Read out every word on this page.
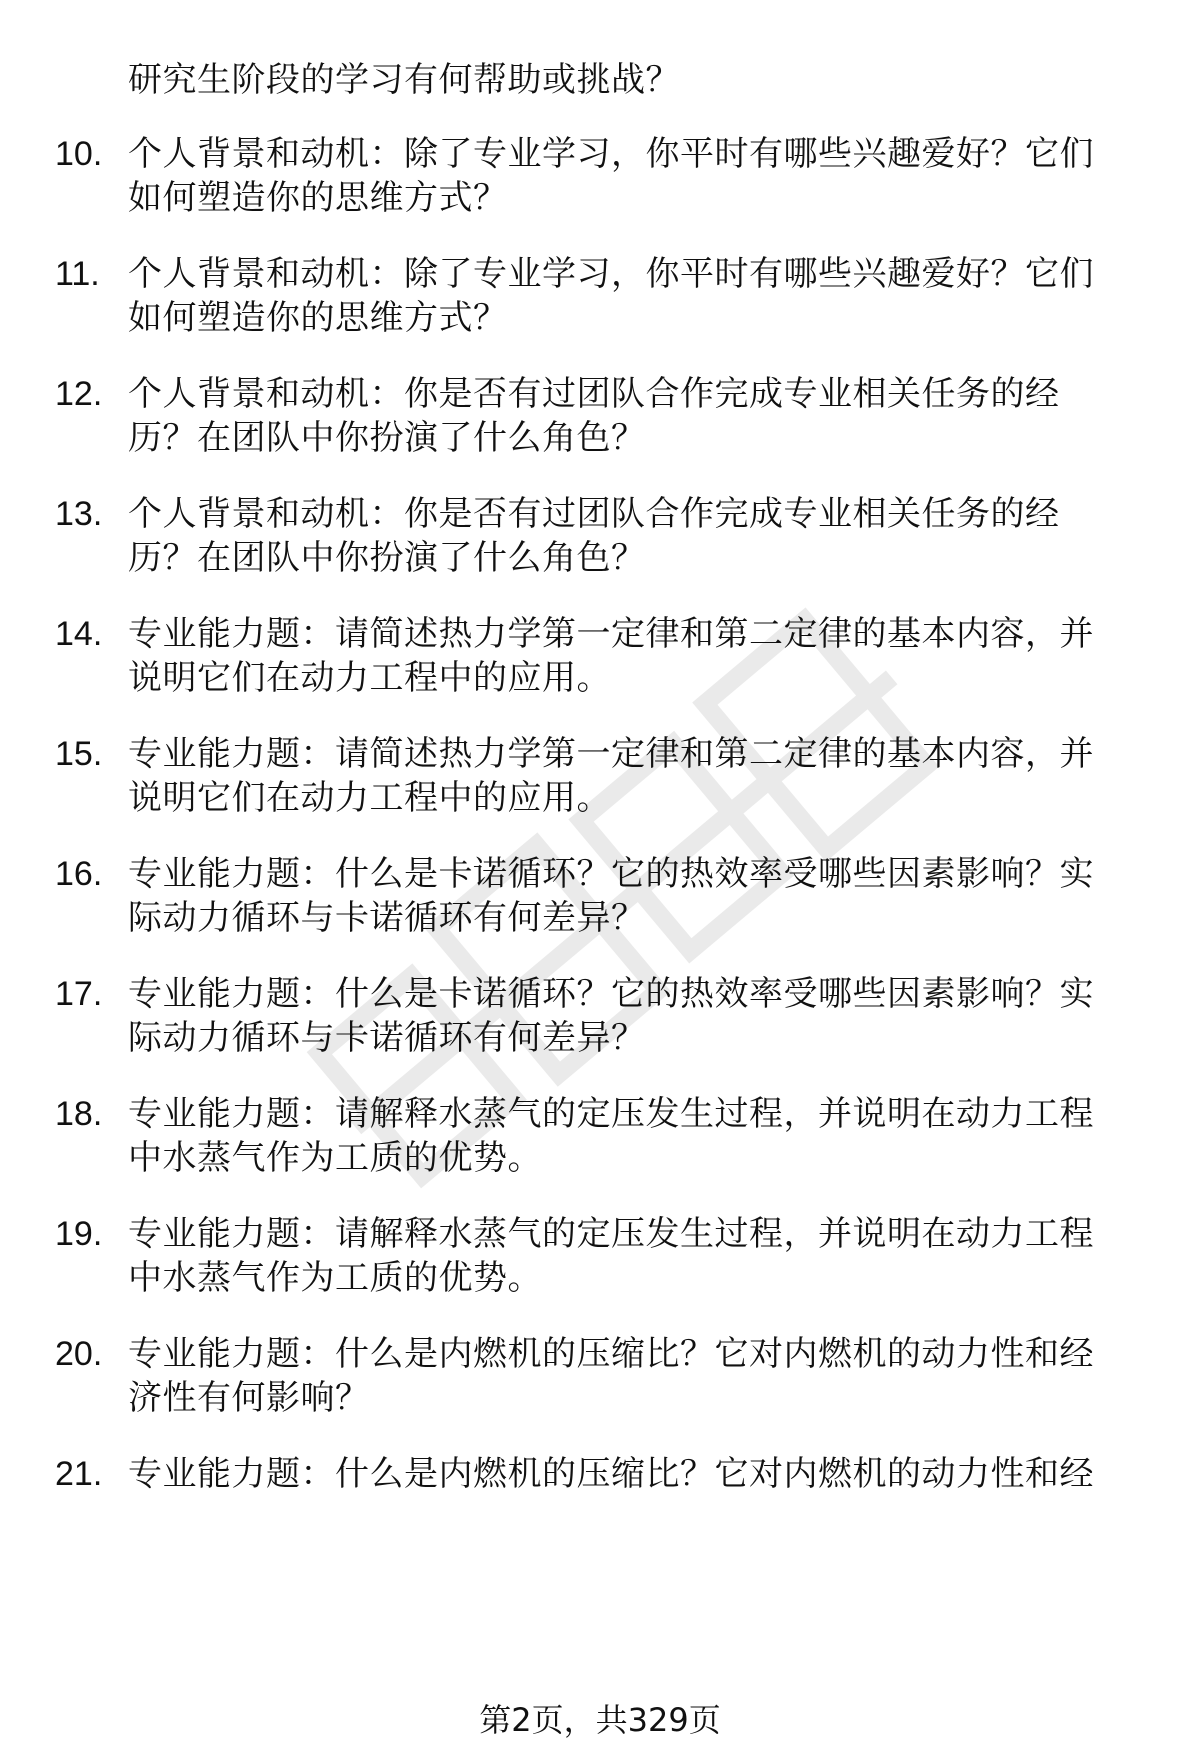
研究生阶段的学习有何帮助或挑战？
10. 个人背景和动机：除了专业学习，你平时有哪些兴趣爱好？它们
如何塑造你的思维方式？
11. 个人背景和动机：除了专业学习，你平时有哪些兴趣爱好？它们
如何塑造你的思维方式？
12. 个人背景和动机：你是否有过团队合作完成专业相关任务的经
历？在团队中你扮演了什么角色？
13. 个人背景和动机：你是否有过团队合作完成专业相关任务的经
历？在团队中你扮演了什么角色？
14. 专业能力题：请简述热力学第一定律和第二定律的基本内容，并
说明它们在动力工程中的应用。
15. 专业能力题：请简述热力学第一定律和第二定律的基本内容，并
说明它们在动力工程中的应用。
16. 专业能力题：什么是卡诺循环？它的热效率受哪些因素影响？实
际动力循环与卡诺循环有何差异？
17. 专业能力题：什么是卡诺循环？它的热效率受哪些因素影响？实
际动力循环与卡诺循环有何差异？
18. 专业能力题：请解释水蒸气的定压发生过程，并说明在动力工程
中水蒸气作为工质的优势。
19. 专业能力题：请解释水蒸气的定压发生过程，并说明在动力工程
中水蒸气作为工质的优势。
20. 专业能力题：什么是内燃机的压缩比？它对内燃机的动力性和经
济性有何影响？
21. 专业能力题：什么是内燃机的压缩比？它对内燃机的动力性和经
第2页，共329页
